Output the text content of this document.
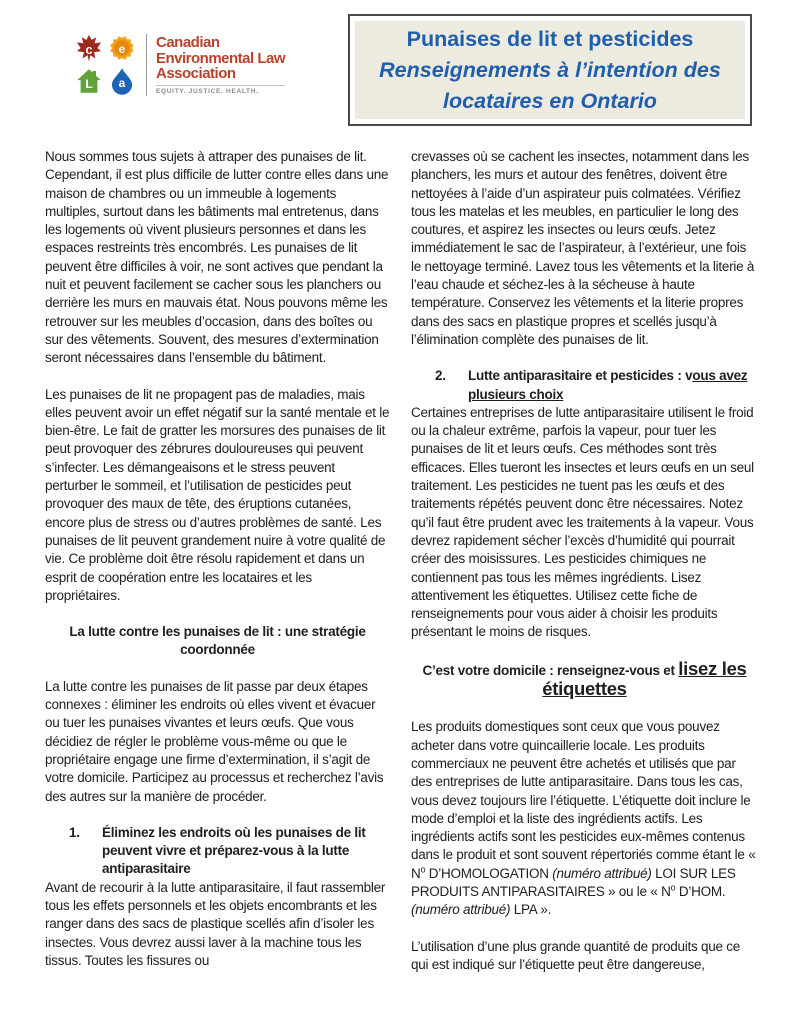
c	e
L	a
Canadian
Environmental Law
Association
EQUITY. JUSTICE. HEALTH.
Punaises de lit et pesticides
Renseignements à l’intention des
locataires en Ontario

Nous sommes tous sujets à attraper des punaises de lit. Cependant, il est plus difficile de lutter contre elles dans une maison de chambres ou un immeuble à logements multiples, surtout dans les bâtiments mal entretenus, dans les logements où vivent plusieurs personnes et dans les espaces restreints très encombrés. Les punaises de lit peuvent être difficiles à voir, ne sont actives que pendant la nuit et peuvent facilement se cacher sous les planchers ou derrière les murs en mauvais état. Nous pouvons même les retrouver sur les meubles d’occasion, dans des boîtes ou sur des vêtements. Souvent, des mesures d’extermination seront nécessaires dans l’ensemble du bâtiment.

Les punaises de lit ne propagent pas de maladies, mais elles peuvent avoir un effet négatif sur la santé mentale et le bien-être. Le fait de gratter les morsures des punaises de lit peut provoquer des zébrures douloureuses qui peuvent s’infecter. Les démangeaisons et le stress peuvent perturber le sommeil, et l’utilisation de pesticides peut provoquer des maux de tête, des éruptions cutanées, encore plus de stress ou d’autres problèmes de santé. Les punaises de lit peuvent grandement nuire à votre qualité de vie. Ce problème doit être résolu rapidement et dans un esprit de coopération entre les locataires et les propriétaires.

La lutte contre les punaises de lit : une stratégie coordonnée

La lutte contre les punaises de lit passe par deux étapes connexes : éliminer les endroits où elles vivent et évacuer ou tuer les punaises vivantes et leurs œufs. Que vous décidiez de régler le problème vous-même ou que le propriétaire engage une firme d’extermination, il s’agit de votre domicile. Participez au processus et recherchez l’avis des autres sur la manière de procéder.

1.	Éliminez les endroits où les punaises de lit peuvent vivre et préparez-vous à la lutte antiparasitaire

Avant de recourir à la lutte antiparasitaire, il faut rassembler tous les effets personnels et les objets encombrants et les ranger dans des sacs de plastique scellés afin d’isoler les insectes. Vous devrez aussi laver à la machine tous les tissus. Toutes les fissures ou

crevasses où se cachent les insectes, notamment dans les planchers, les murs et autour des fenêtres, doivent être nettoyées à l’aide d’un aspirateur puis colmatées. Vérifiez tous les matelas et les meubles, en particulier le long des coutures, et aspirez les insectes ou leurs œufs. Jetez immédiatement le sac de l’aspirateur, à l’extérieur, une fois le nettoyage terminé. Lavez tous les vêtements et la literie à l’eau chaude et séchez-les à la sécheuse à haute température. Conservez les vêtements et la literie propres dans des sacs en plastique propres et scellés jusqu’à l’élimination complète des punaises de lit.

2.	Lutte antiparasitaire et pesticides : vous avez plusieurs choix

Certaines entreprises de lutte antiparasitaire utilisent le froid ou la chaleur extrême, parfois la vapeur, pour tuer les punaises de lit et leurs œufs. Ces méthodes sont très efficaces. Elles tueront les insectes et leurs œufs en un seul traitement. Les pesticides ne tuent pas les œufs et des traitements répétés peuvent donc être nécessaires. Notez qu’il faut être prudent avec les traitements à la vapeur. Vous devrez rapidement sécher l’excès d’humidité qui pourrait créer des moisissures. Les pesticides chimiques ne contiennent pas tous les mêmes ingrédients. Lisez attentivement les étiquettes. Utilisez cette fiche de renseignements pour vous aider à choisir les produits présentant le moins de risques.

C’est votre domicile : renseignez-vous et lisez les étiquettes

Les produits domestiques sont ceux que vous pouvez acheter dans votre quincaillerie locale. Les produits commerciaux ne peuvent être achetés et utilisés que par des entreprises de lutte antiparasitaire. Dans tous les cas, vous devez toujours lire l’étiquette. L’étiquette doit inclure le mode d’emploi et la liste des ingrédients actifs. Les ingrédients actifs sont les pesticides eux-mêmes contenus dans le produit et sont souvent répertoriés comme étant le « $N^o$ D’HOMOLOGATION (numéro attribué) LOI SUR LES PRODUITS ANTIPARASITAIRES » ou le « $N^o$ D’HOM. (numéro attribué) LPA ».

L’utilisation d’une plus grande quantité de produits que ce qui est indiqué sur l’étiquette peut être dangereuse,
